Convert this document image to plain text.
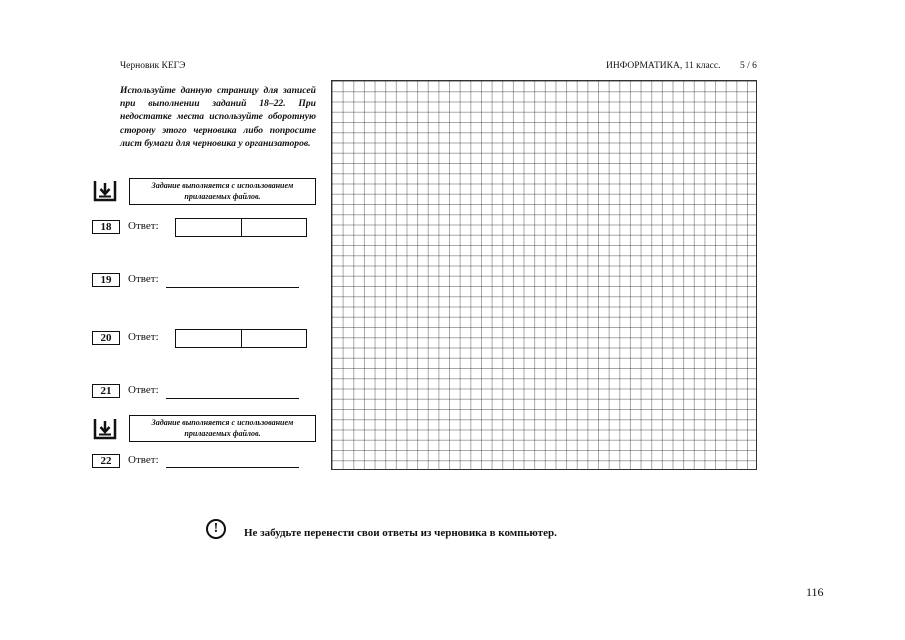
Черновик КЕГЭ	ИНФОРМАТИКА, 11 класс. 5 / 6
Используйте данную страницу для записей при выполнении заданий 18–22. При недостатке места используйте оборотную сторону этого черновика либо попросите лист бумаги для черновика у организаторов.
Задание выполняется с использованием прилагаемых файлов.
18	Ответ:
19	Ответ:
20	Ответ:
21	Ответ:
Задание выполняется с использованием прилагаемых файлов.
22	Ответ:
!	Не забудьте перенести свои ответы из черновика в компьютер.
116
